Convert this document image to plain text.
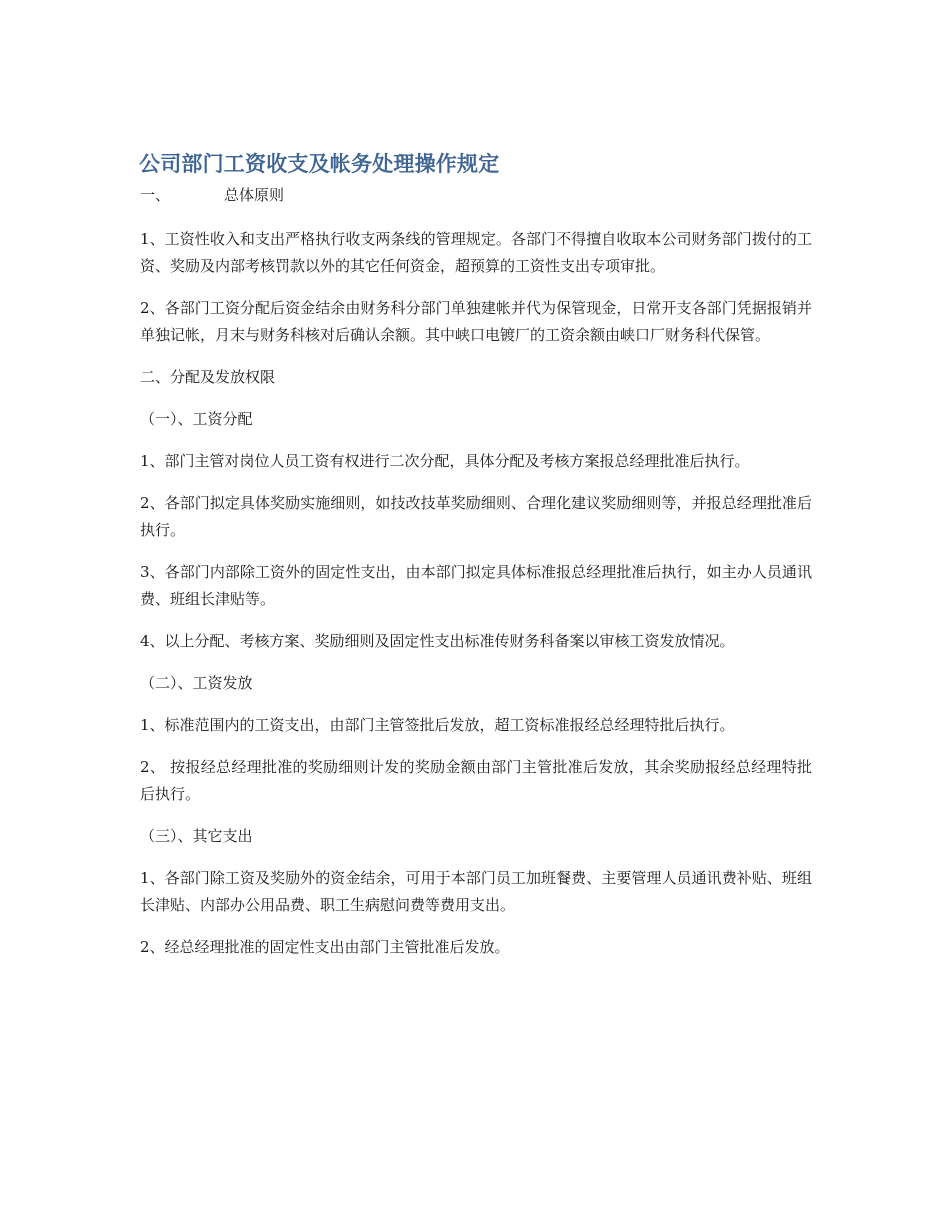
公司部门工资收支及帐务处理操作规定
一、	总体原则

1、工资性收入和支出严格执行收支两条线的管理规定。各部门不得擅自收取本公司财务部门拨付的工资、奖励及内部考核罚款以外的其它任何资金，超预算的工资性支出专项审批。

2、各部门工资分配后资金结余由财务科分部门单独建帐并代为保管现金，日常开支各部门凭据报销并单独记帐，月末与财务科核对后确认余额。其中峡口电镀厂的工资余额由峡口厂财务科代保管。

二、分配及发放权限

（一）、工资分配

1、部门主管对岗位人员工资有权进行二次分配，具体分配及考核方案报总经理批准后执行。

2、各部门拟定具体奖励实施细则，如技改技革奖励细则、合理化建议奖励细则等，并报总经理批准后执行。

3、各部门内部除工资外的固定性支出，由本部门拟定具体标准报总经理批准后执行，如主办人员通讯费、班组长津贴等。

4、以上分配、考核方案、奖励细则及固定性支出标准传财务科备案以审核工资发放情况。

（二）、工资发放

1、标准范围内的工资支出，由部门主管签批后发放，超工资标准报经总经理特批后执行。

2、 按报经总经理批准的奖励细则计发的奖励金额由部门主管批准后发放，其余奖励报经总经理特批后执行。

（三）、其它支出

1、各部门除工资及奖励外的资金结余，可用于本部门员工加班餐费、主要管理人员通讯费补贴、班组长津贴、内部办公用品费、职工生病慰问费等费用支出。

2、经总经理批准的固定性支出由部门主管批准后发放。
